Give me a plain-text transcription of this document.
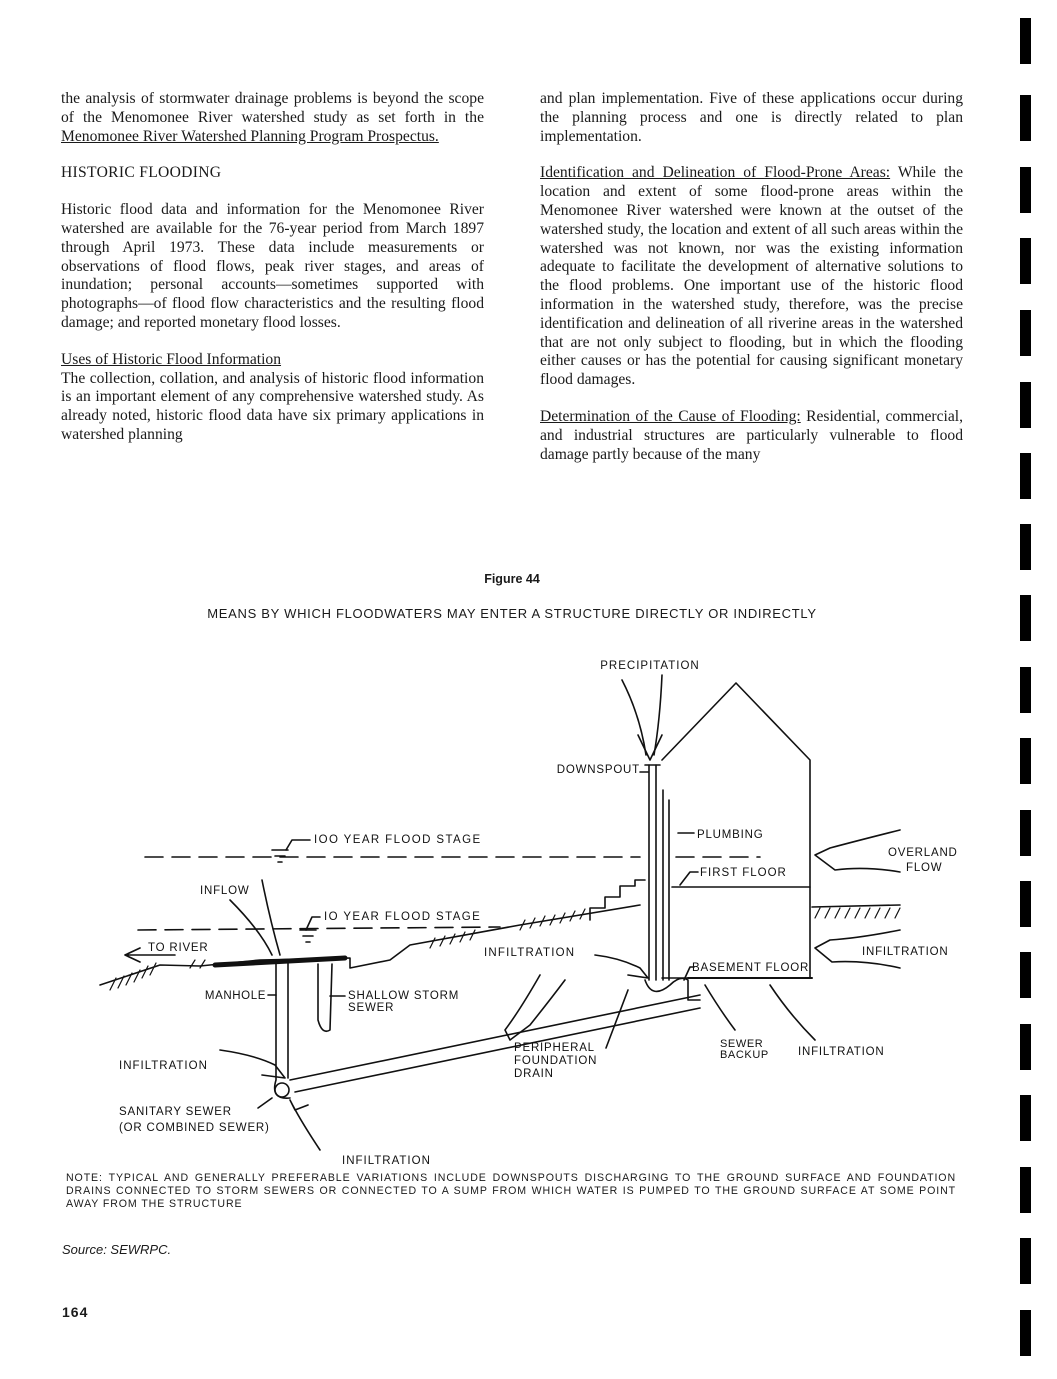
the analysis of stormwater drainage problems is beyond the scope of the Menomonee River watershed study as set forth in the Menomonee River Watershed Planning Program Prospectus.

HISTORIC FLOODING

Historic flood data and information for the Menomonee River watershed are available for the 76-year period from March 1897 through April 1973. These data include measurements or observations of flood flows, peak river stages, and areas of inundation; personal accounts—sometimes supported with photographs—of flood flow characteristics and the resulting flood damage; and reported monetary flood losses.

Uses of Historic Flood Information

The collection, collation, and analysis of historic flood information is an important element of any comprehensive watershed study. As already noted, historic flood data have six primary applications in watershed planning

and plan implementation. Five of these applications occur during the planning process and one is directly related to plan implementation.

Identification and Delineation of Flood-Prone Areas: While the location and extent of some flood-prone areas within the Menomonee River watershed were known at the outset of the watershed study, the location and extent of all such areas within the watershed was not known, nor was the existing information adequate to facilitate the development of alternative solutions to the flood problems. One important use of the historic flood information in the watershed study, therefore, was the precise identification and delineation of all riverine areas in the watershed that are not only subject to flooding, but in which the flooding either causes or has the potential for causing significant monetary flood damages.

Determination of the Cause of Flooding: Residential, commercial, and industrial structures are particularly vulnerable to flood damage partly because of the many

Figure 44
MEANS BY WHICH FLOODWATERS MAY ENTER A STRUCTURE DIRECTLY OR INDIRECTLY
PRECIPITATION
DOWNSPOUT
PLUMBING
IOO YEAR FLOOD STAGE
FIRST FLOOR
OVERLAND
FLOW
INFLOW
IO YEAR FLOOD STAGE
TO RIVER	INFILTRATION
BASEMENT FLOOR
INFILTRATION
MANHOLE	SHALLOW STORM
SEWER
INFILTRATION
PERIPHERAL
FOUNDATION
DRAIN
SEWER
BACKUP	INFILTRATION
SANITARY SEWER
(OR COMBINED SEWER)
INFILTRATION
NOTE: TYPICAL AND GENERALLY PREFERABLE VARIATIONS INCLUDE DOWNSPOUTS DISCHARGING TO THE GROUND SURFACE AND FOUNDATION DRAINS CONNECTED TO STORM SEWERS OR CONNECTED TO A SUMP FROM WHICH WATER IS PUMPED TO THE GROUND SURFACE AT SOME POINT AWAY FROM THE STRUCTURE
Source: SEWRPC.
164
